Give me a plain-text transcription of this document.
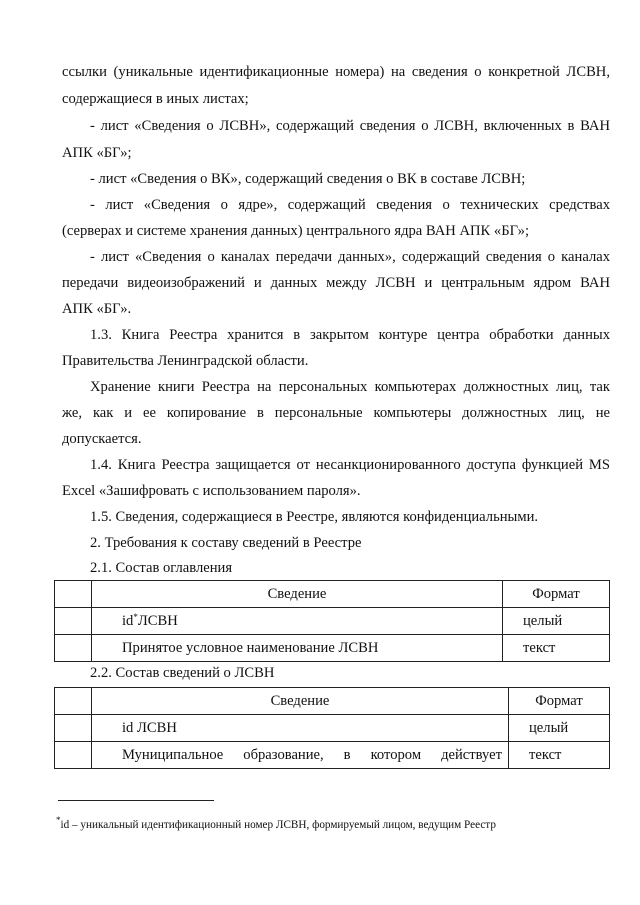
ссылки (уникальные идентификационные номера) на сведения о конкретной ЛСВН,
содержащиеся в иных листах;
- лист «Сведения о ЛСВН», содержащий сведения о ЛСВН, включенных в ВАН
АПК «БГ»;
- лист «Сведения о ВК», содержащий сведения о ВК в составе ЛСВН;
- лист «Сведения о ядре», содержащий сведения о технических средствах
(серверах и системе хранения данных) центрального ядра ВАН АПК «БГ»;
- лист «Сведения о каналах передачи данных», содержащий сведения о каналах
передачи видеоизображений и данных между ЛСВН и центральным ядром ВАН
АПК «БГ».
1.3. Книга Реестра хранится в закрытом контуре центра обработки данных
Правительства Ленинградской области.
Хранение книги Реестра на персональных компьютерах должностных лиц, так
же, как и ее копирование в персональные компьютеры должностных лиц, не
допускается.
1.4. Книга Реестра защищается от несанкционированного доступа функцией MS
Excel «Зашифровать с использованием пароля».
1.5. Сведения, содержащиеся в Реестре, являются конфиденциальными.
2. Требования к составу сведений в Реестре
2.1. Состав оглавления
	Сведение	Формат
	id*ЛСВН	целый
	Принятое условное наименование ЛСВН	текст
2.2. Состав сведений о ЛСВН
	Сведение	Формат
	id ЛСВН	целый
	Муниципальное образование, в котором действует	текст
*id – уникальный идентификационный номер ЛСВН, формируемый лицом, ведущим Реестр
